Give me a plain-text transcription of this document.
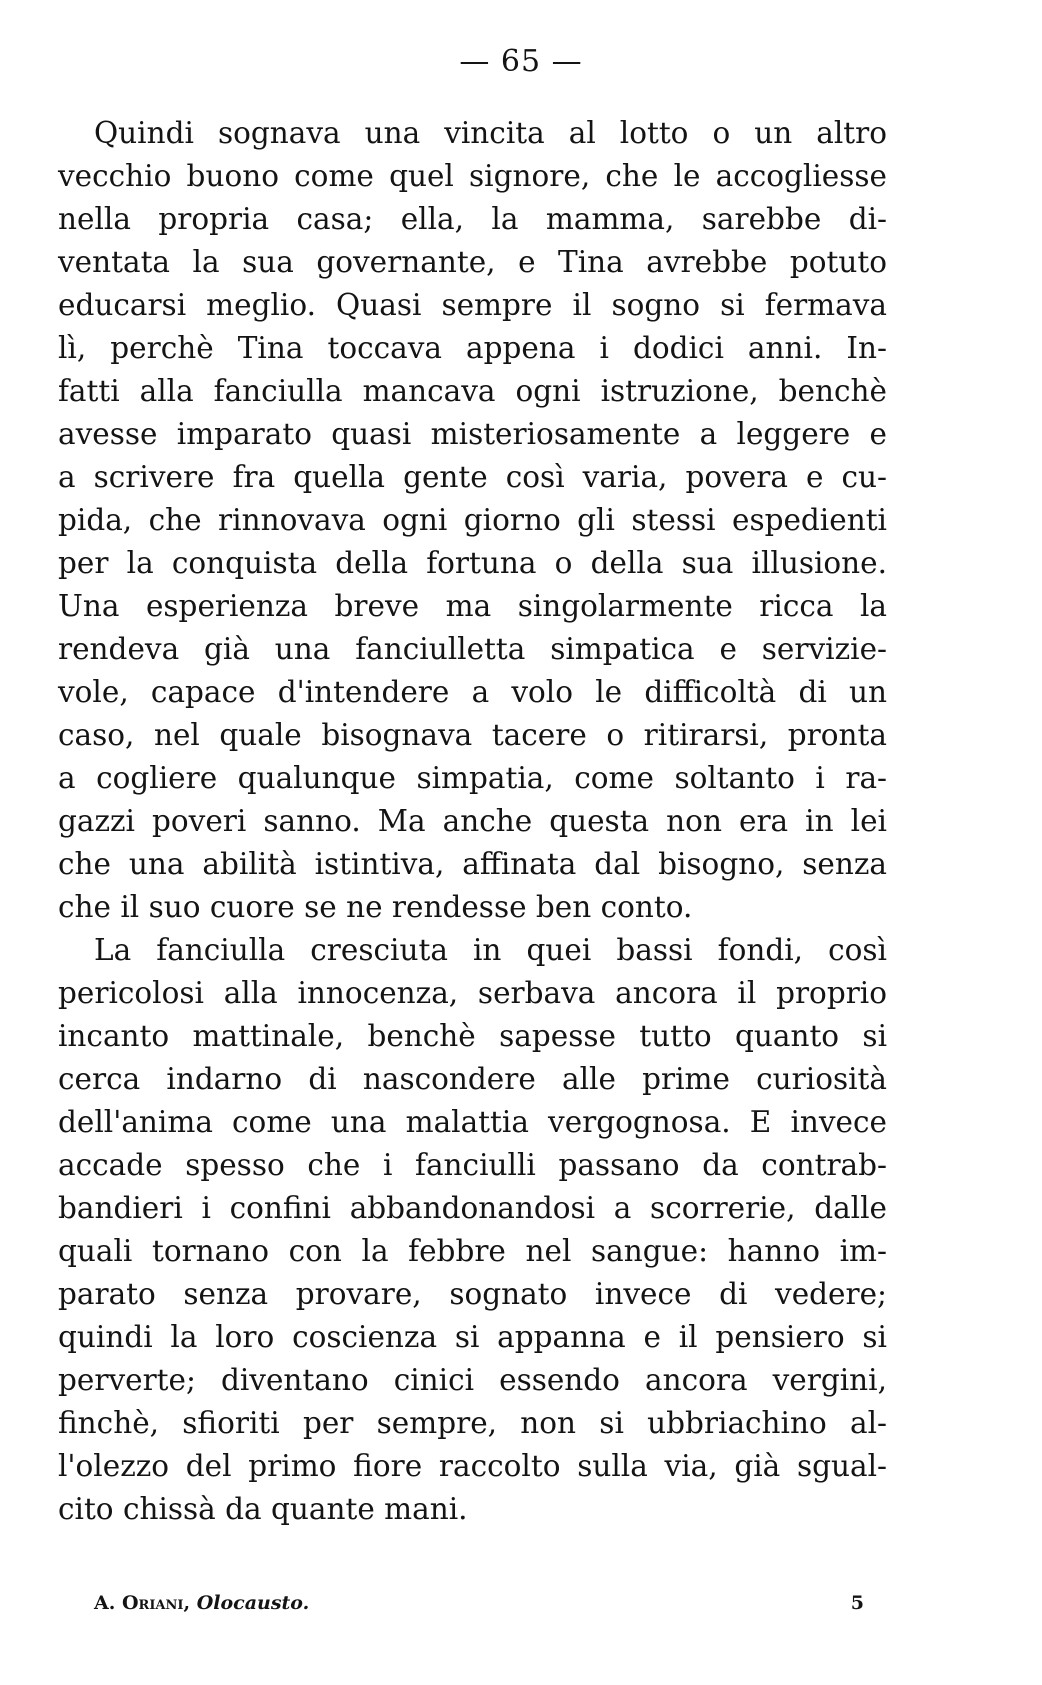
— 65 —
Quindi sognava una vincita al lotto o un altro
vecchio buono come quel signore, che le accogliesse
nella propria casa; ella, la mamma, sarebbe di-
ventata la sua governante, e Tina avrebbe potuto
educarsi meglio. Quasi sempre il sogno si fermava
lì, perchè Tina toccava appena i dodici anni. In-
fatti alla fanciulla mancava ogni istruzione, benchè
avesse imparato quasi misteriosamente a leggere e
a scrivere fra quella gente così varia, povera e cu-
pida, che rinnovava ogni giorno gli stessi espedienti
per la conquista della fortuna o della sua illusione.
Una esperienza breve ma singolarmente ricca la
rendeva già una fanciulletta simpatica e servizie-
vole, capace d'intendere a volo le difficoltà di un
caso, nel quale bisognava tacere o ritirarsi, pronta
a cogliere qualunque simpatia, come soltanto i ra-
gazzi poveri sanno. Ma anche questa non era in lei
che una abilità istintiva, affinata dal bisogno, senza
che il suo cuore se ne rendesse ben conto.
La fanciulla cresciuta in quei bassi fondi, così
pericolosi alla innocenza, serbava ancora il proprio
incanto mattinale, benchè sapesse tutto quanto si
cerca indarno di nascondere alle prime curiosità
dell'anima come una malattia vergognosa. E invece
accade spesso che i fanciulli passano da contrab-
bandieri i confini abbandonandosi a scorrerie, dalle
quali tornano con la febbre nel sangue: hanno im-
parato senza provare, sognato invece di vedere;
quindi la loro coscienza si appanna e il pensiero si
perverte; diventano cinici essendo ancora vergini,
finchè, sfioriti per sempre, non si ubbriachino al-
l'olezzo del primo fiore raccolto sulla via, già sgual-
cito chissà da quante mani.
A. Oriani, Olocausto.	5
